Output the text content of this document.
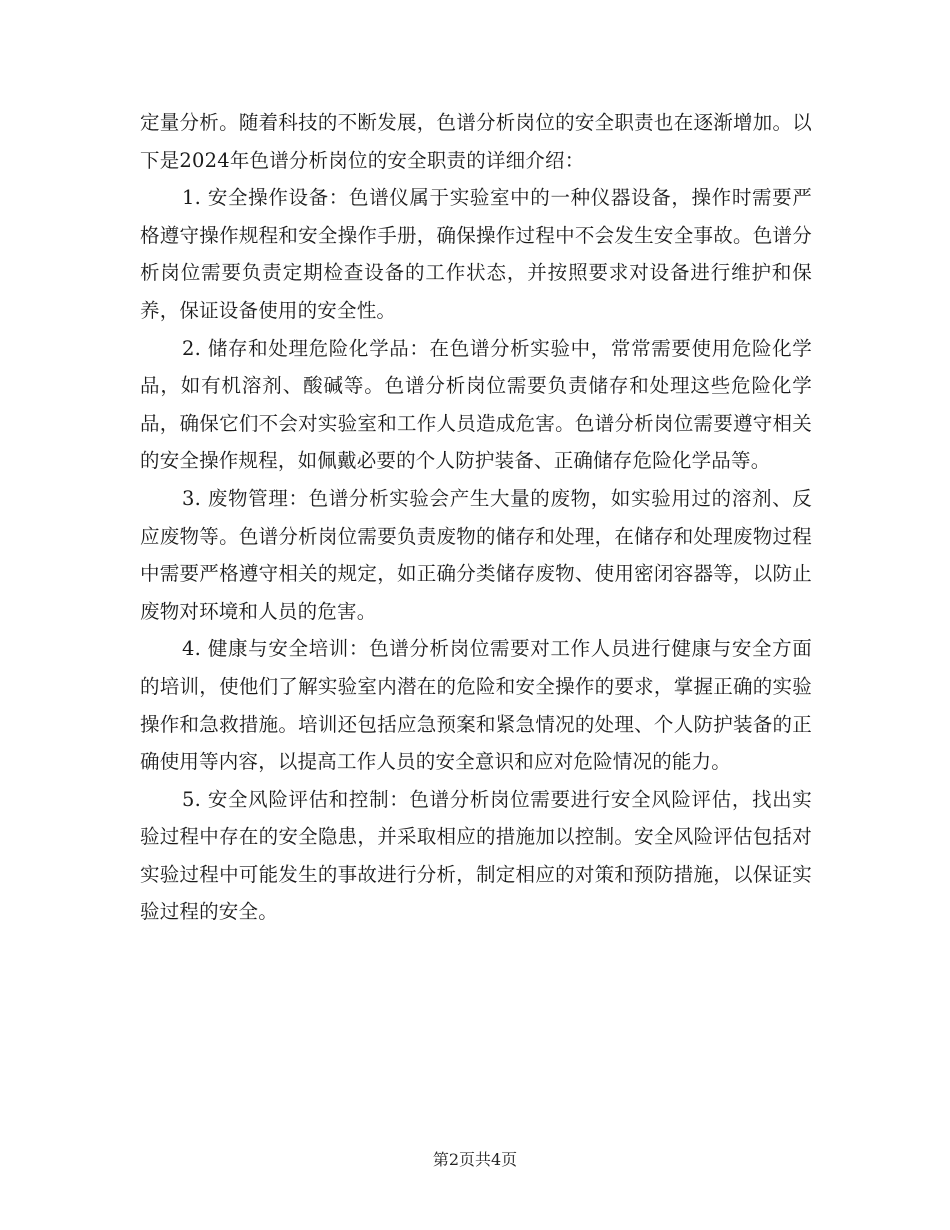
定量分析。随着科技的不断发展，色谱分析岗位的安全职责也在逐渐增加。以下是2024年色谱分析岗位的安全职责的详细介绍：

1. 安全操作设备：色谱仪属于实验室中的一种仪器设备，操作时需要严格遵守操作规程和安全操作手册，确保操作过程中不会发生安全事故。色谱分析岗位需要负责定期检查设备的工作状态，并按照要求对设备进行维护和保养，保证设备使用的安全性。

2. 储存和处理危险化学品：在色谱分析实验中，常常需要使用危险化学品，如有机溶剂、酸碱等。色谱分析岗位需要负责储存和处理这些危险化学品，确保它们不会对实验室和工作人员造成危害。色谱分析岗位需要遵守相关的安全操作规程，如佩戴必要的个人防护装备、正确储存危险化学品等。

3. 废物管理：色谱分析实验会产生大量的废物，如实验用过的溶剂、反应废物等。色谱分析岗位需要负责废物的储存和处理，在储存和处理废物过程中需要严格遵守相关的规定，如正确分类储存废物、使用密闭容器等，以防止废物对环境和人员的危害。

4. 健康与安全培训：色谱分析岗位需要对工作人员进行健康与安全方面的培训，使他们了解实验室内潜在的危险和安全操作的要求，掌握正确的实验操作和急救措施。培训还包括应急预案和紧急情况的处理、个人防护装备的正确使用等内容，以提高工作人员的安全意识和应对危险情况的能力。

5. 安全风险评估和控制：色谱分析岗位需要进行安全风险评估，找出实验过程中存在的安全隐患，并采取相应的措施加以控制。安全风险评估包括对实验过程中可能发生的事故进行分析，制定相应的对策和预防措施，以保证实验过程的安全。

第2页共4页
